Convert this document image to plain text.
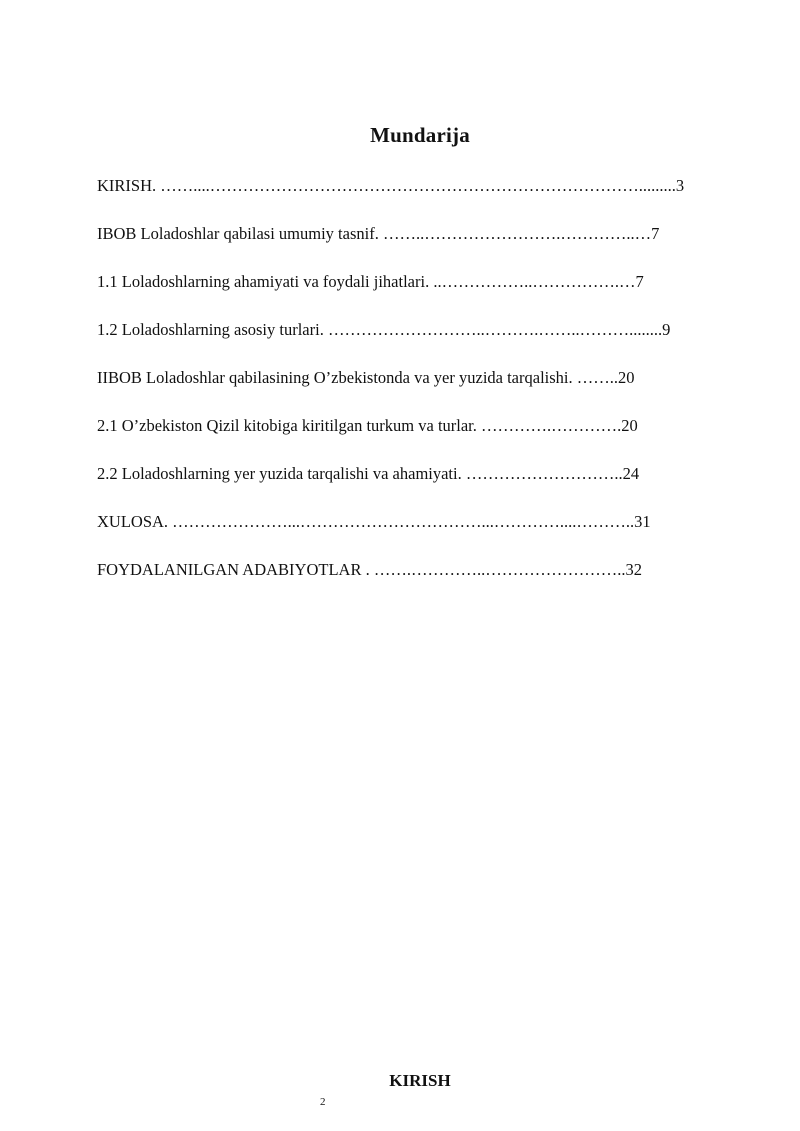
Mundarija
KIRISH. ……....…………………………………………………………………….........3
IBOB Loladoshlar qabilasi umumiy tasnif. ……..…………………….…………..…7
1.1 Loladoshlarning ahamiyati va foydali jihatlari. ..……………..…………….…7
1.2 Loladoshlarning asosiy turlari. ………………………..……….……..………........9
IIBOB Loladoshlar qabilasining O’zbekistonda va yer yuzida tarqalishi. ……..20
2.1 O’zbekiston Qizil kitobiga kiritilgan turkum va turlar. ………….………….20
2.2 Loladoshlarning yer yuzida tarqalishi va ahamiyati. ………………………..24
XULOSA. …………………...……………………………...…………....………..31
FOYDALANILGAN ADABIYOTLAR . …….…………..……………………..32
KIRISH
2
